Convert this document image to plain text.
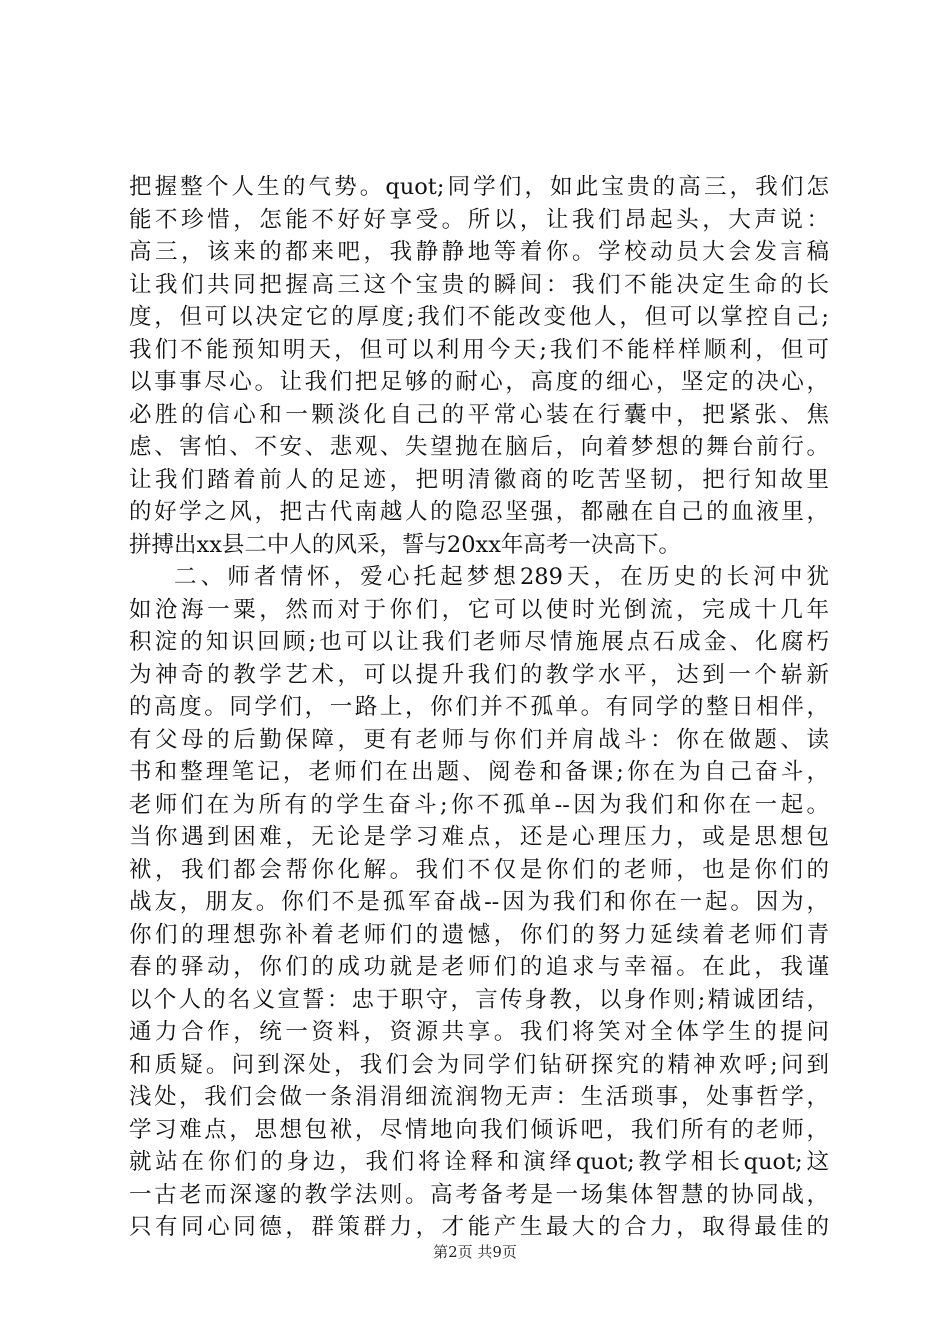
把握整个人生的气势。quot;同学们，如此宝贵的高三，我们怎
能不珍惜，怎能不好好享受。所以，让我们昂起头，大声说：
高三，该来的都来吧，我静静地等着你。学校动员大会发言稿
让我们共同把握高三这个宝贵的瞬间：我们不能决定生命的长
度，但可以决定它的厚度;我们不能改变他人，但可以掌控自己;
我们不能预知明天，但可以利用今天;我们不能样样顺利，但可
以事事尽心。让我们把足够的耐心，高度的细心，坚定的决心，
必胜的信心和一颗淡化自己的平常心装在行囊中，把紧张、焦
虑、害怕、不安、悲观、失望抛在脑后，向着梦想的舞台前行。
让我们踏着前人的足迹，把明清徽商的吃苦坚韧，把行知故里
的好学之风，把古代南越人的隐忍坚强，都融在自己的血液里，
拼搏出xx县二中人的风采，誓与20xx年高考一决高下。
二、师者情怀，爱心托起梦想289天，在历史的长河中犹
如沧海一粟，然而对于你们，它可以使时光倒流，完成十几年
积淀的知识回顾;也可以让我们老师尽情施展点石成金、化腐朽
为神奇的教学艺术，可以提升我们的教学水平，达到一个崭新
的高度。同学们，一路上，你们并不孤单。有同学的整日相伴，
有父母的后勤保障，更有老师与你们并肩战斗：你在做题、读
书和整理笔记，老师们在出题、阅卷和备课;你在为自己奋斗，
老师们在为所有的学生奋斗;你不孤单--因为我们和你在一起。
当你遇到困难，无论是学习难点，还是心理压力，或是思想包
袱，我们都会帮你化解。我们不仅是你们的老师，也是你们的
战友，朋友。你们不是孤军奋战--因为我们和你在一起。因为，
你们的理想弥补着老师们的遗憾，你们的努力延续着老师们青
春的驿动，你们的成功就是老师们的追求与幸福。在此，我谨
以个人的名义宣誓：忠于职守，言传身教，以身作则;精诚团结，
通力合作，统一资料，资源共享。我们将笑对全体学生的提问
和质疑。问到深处，我们会为同学们钻研探究的精神欢呼;问到
浅处，我们会做一条涓涓细流润物无声：生活琐事，处事哲学，
学习难点，思想包袱，尽情地向我们倾诉吧，我们所有的老师，
就站在你们的身边，我们将诠释和演绎quot;教学相长quot;这
一古老而深邃的教学法则。高考备考是一场集体智慧的协同战，
只有同心同德，群策群力，才能产生最大的合力，取得最佳的
第2页 共9页
